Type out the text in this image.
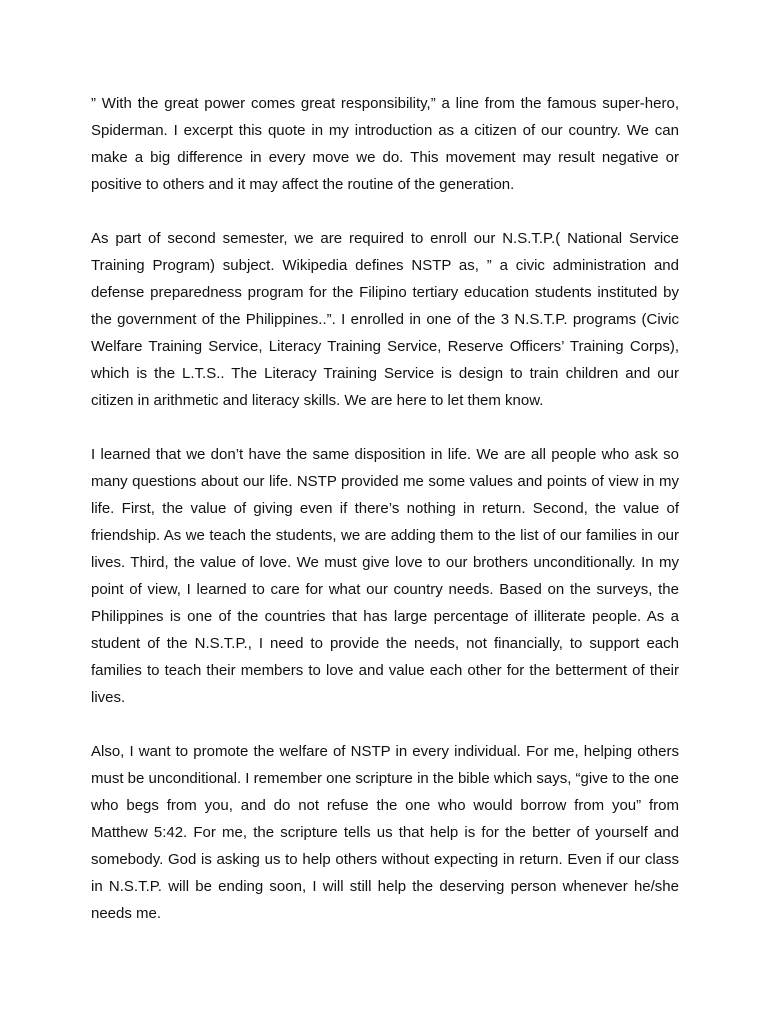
” With the great power comes great responsibility,” a line from the famous super-hero, Spiderman. I excerpt this quote in my introduction as a citizen of our country. We can make a big difference in every move we do. This movement may result negative or positive to others and it may affect the routine of the generation.

As part of second semester, we are required to enroll our N.S.T.P.( National Service Training Program) subject. Wikipedia defines NSTP as, ” a civic administration and defense preparedness program for the Filipino tertiary education students instituted by the government of the Philippines..”. I enrolled in one of the 3 N.S.T.P. programs (Civic Welfare Training Service, Literacy Training Service, Reserve Officers’ Training Corps), which is the L.T.S.. The Literacy Training Service is design to train children and our citizen in arithmetic and literacy skills. We are here to let them know.

I learned that we don’t have the same disposition in life. We are all people who ask so many questions about our life. NSTP provided me some values and points of view in my life. First, the value of giving even if there’s nothing in return. Second, the value of friendship. As we teach the students, we are adding them to the list of our families in our lives. Third, the value of love. We must give love to our brothers unconditionally. In my point of view, I learned to care for what our country needs. Based on the surveys, the Philippines is one of the countries that has large percentage of illiterate people. As a student of the N.S.T.P., I need to provide the needs, not financially, to support each families to teach their members to love and value each other for the betterment of their lives.

Also, I want to promote the welfare of NSTP in every individual. For me, helping others must be unconditional. I remember one scripture in the bible which says, “give to the one who begs from you, and do not refuse the one who would borrow from you” from Matthew 5:42. For me, the scripture tells us that help is for the better of yourself and somebody. God is asking us to help others without expecting in return. Even if our class in N.S.T.P. will be ending soon, I will still help the deserving person whenever he/she needs me.
